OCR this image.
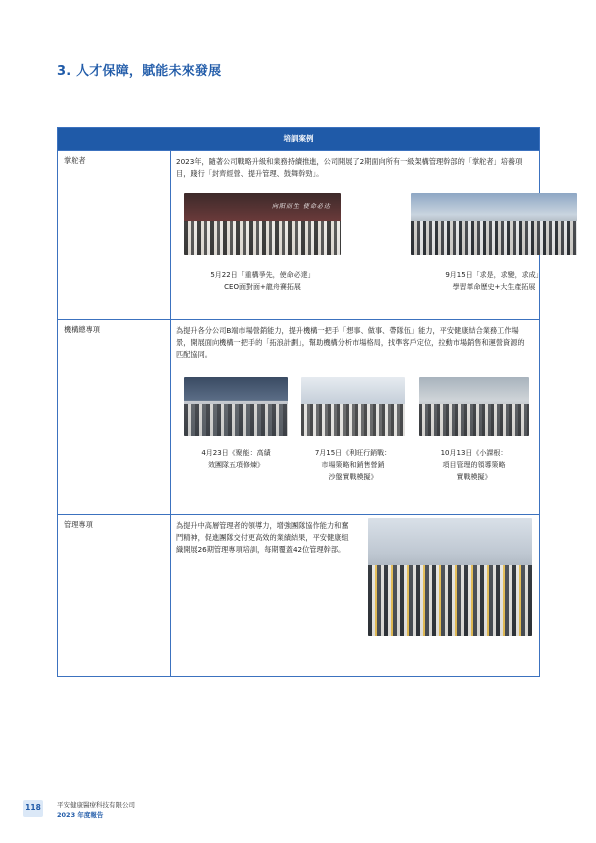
3. 人才保障，賦能未來發展
培訓案例
掌舵者	2023年，隨著公司戰略升級和業務持續推進，公司開展了2期面向所有一級架構管理幹部的「掌舵者」培養項目，踐行「封齊經營、提升管理、鼓舞幹勁」。
向阳而生 使命必达
5月22日「重構爭先，使命必達」
CEO面對面+龍舟賽拓展
9月15日「求是，求變，求成」
學習革命歷史+大生產拓展
機構總專項	為提升各分公司B端市場營銷能力，提升機構一把手「想事、做事、帶隊伍」能力，平安健康結合業務工作場景，開展面向機構一把手的「拓浪計劃」，幫助機構分析市場格局，找準客戶定位，拉動市場銷售和運營資源的匹配協同。
4月23日《聚能：高績
效團隊五項修煉》
7月15日《利旺行銷戰：
市場策略和銷售營銷
沙盤實戰模擬》
10月13日《小課根：
項目管理的領導策略
實戰模擬》
管理專項	為提升中高層管理者的領導力，增強團隊協作能力和奮鬥精神，促進團隊交付更高效的業績結果，平安健康組織開展26期管理專項培訓，每期覆蓋42位管理幹部。
118	平安健康醫療科技有限公司
2023 年度報告
